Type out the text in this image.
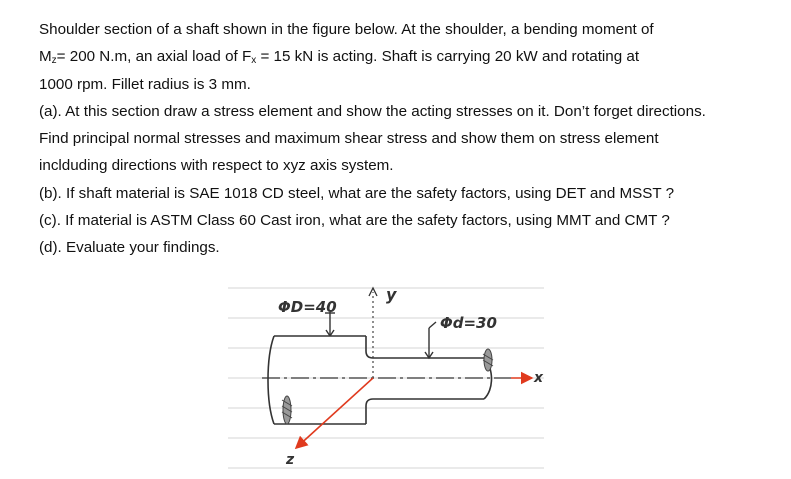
Shoulder section of a shaft shown in the figure below. At the shoulder, a bending moment of
$M_z= 200$ N.m, an axial load of $F_x = 15$ kN is acting. Shaft is carrying 20 kW and rotating at
1000 rpm. Fillet radius is 3 mm.
(a). At this section draw a stress element and show the acting stresses on it. Don’t forget directions.
Find principal normal stresses and maximum shear stress and show them on stress element
inclduding directions with respect to xyz axis system.
(b). If shaft material is SAE 1018 CD steel, what are the safety factors, using DET and MSST ?
(c). If material is ASTM Class 60 Cast iron, what are the safety factors, using MMT and CMT ?
(d). Evaluate your findings.
ΦD=40
Φd=30
y
x
z
